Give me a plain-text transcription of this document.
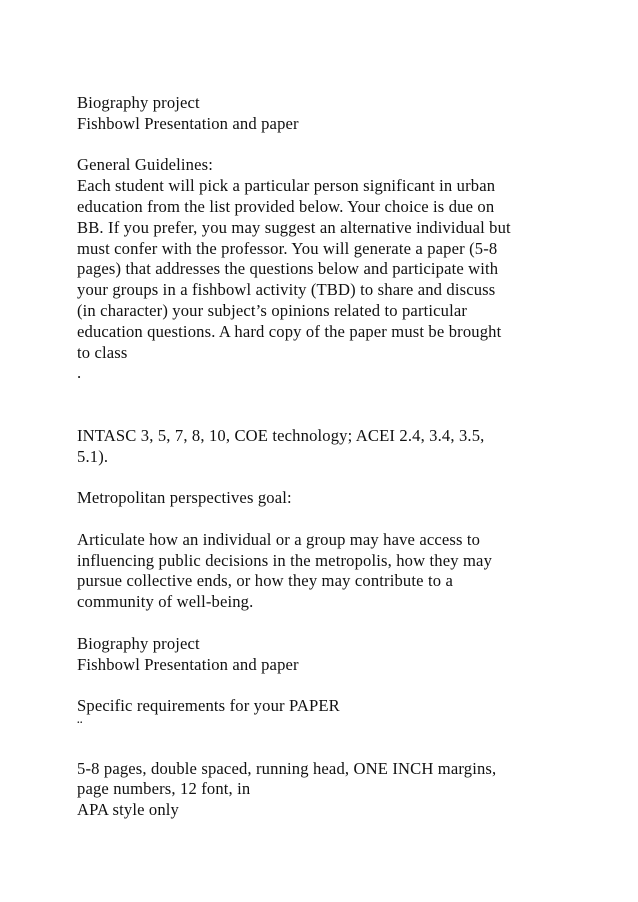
Biography project
Fishbowl Presentation and paper
General Guidelines:
Each student will pick a particular person significant in urban
education from the list provided below. Your choice is due on
BB. If you prefer, you may suggest an alternative individual but
must confer with the professor. You will generate a paper (5-8
pages) that addresses the questions below and participate with
your groups in a fishbowl activity (TBD) to share and discuss
(in character) your subject’s opinions related to particular
education questions. A hard copy of the paper must be brought
to class
.
INTASC 3, 5, 7, 8, 10, COE technology; ACEI 2.4, 3.4, 3.5,
5.1).
Metropolitan perspectives goal:
Articulate how an individual or a group may have access to
influencing public decisions in the metropolis, how they may
pursue collective ends, or how they may contribute to a
community of well-being.
Biography project
Fishbowl Presentation and paper
Specific requirements for your PAPER
¨
5-8 pages, double spaced, running head, ONE INCH margins,
page numbers, 12 font, in
APA style only
